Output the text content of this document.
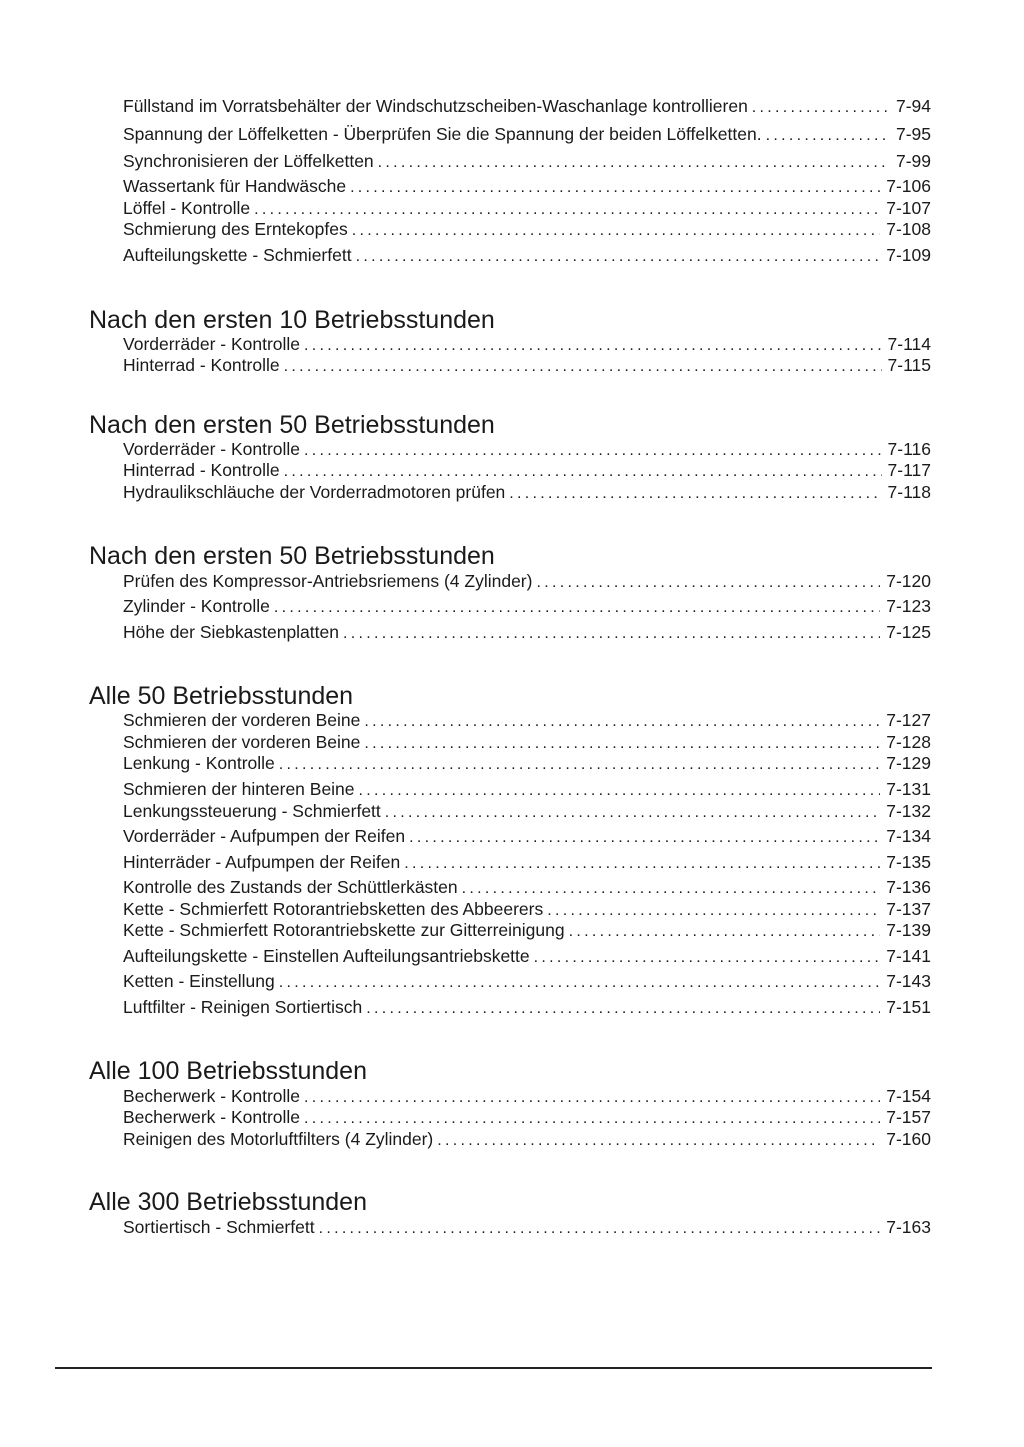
Füllstand im Vorratsbehälter der Windschutzscheiben-Waschanlage kontrollieren .....	7-94
Spannung der Löffelketten - Überprüfen Sie die Spannung der beiden Löffelketten. .....	7-95
Synchronisieren der Löffelketten .....	7-99
Wassertank für Handwäsche .....	7-106
Löffel - Kontrolle .....	7-107
Schmierung des Erntekopfes .....	7-108
Aufteilungskette - Schmierfett .....	7-109
Nach den ersten 10 Betriebsstunden
Vorderräder - Kontrolle .....	7-114
Hinterrad - Kontrolle .....	7-115
Nach den ersten 50 Betriebsstunden
Vorderräder - Kontrolle .....	7-116
Hinterrad - Kontrolle .....	7-117
Hydraulikschläuche der Vorderradmotoren prüfen .....	7-118
Nach den ersten 50 Betriebsstunden
Prüfen des Kompressor-Antriebsriemens (4 Zylinder) .....	7-120
Zylinder - Kontrolle .....	7-123
Höhe der Siebkastenplatten .....	7-125
Alle 50 Betriebsstunden
Schmieren der vorderen Beine .....	7-127
Schmieren der vorderen Beine .....	7-128
Lenkung - Kontrolle .....	7-129
Schmieren der hinteren Beine .....	7-131
Lenkungssteuerung - Schmierfett .....	7-132
Vorderräder - Aufpumpen der Reifen .....	7-134
Hinterräder - Aufpumpen der Reifen .....	7-135
Kontrolle des Zustands der Schüttlerkästen .....	7-136
Kette - Schmierfett Rotorantriebsketten des Abbeerers .....	7-137
Kette - Schmierfett Rotorantriebskette zur Gitterreinigung .....	7-139
Aufteilungskette - Einstellen Aufteilungsantriebskette .....	7-141
Ketten - Einstellung .....	7-143
Luftfilter - Reinigen Sortiertisch .....	7-151
Alle 100 Betriebsstunden
Becherwerk - Kontrolle .....	7-154
Becherwerk - Kontrolle .....	7-157
Reinigen des Motorluftfilters (4 Zylinder) .....	7-160
Alle 300 Betriebsstunden
Sortiertisch - Schmierfett .....	7-163
